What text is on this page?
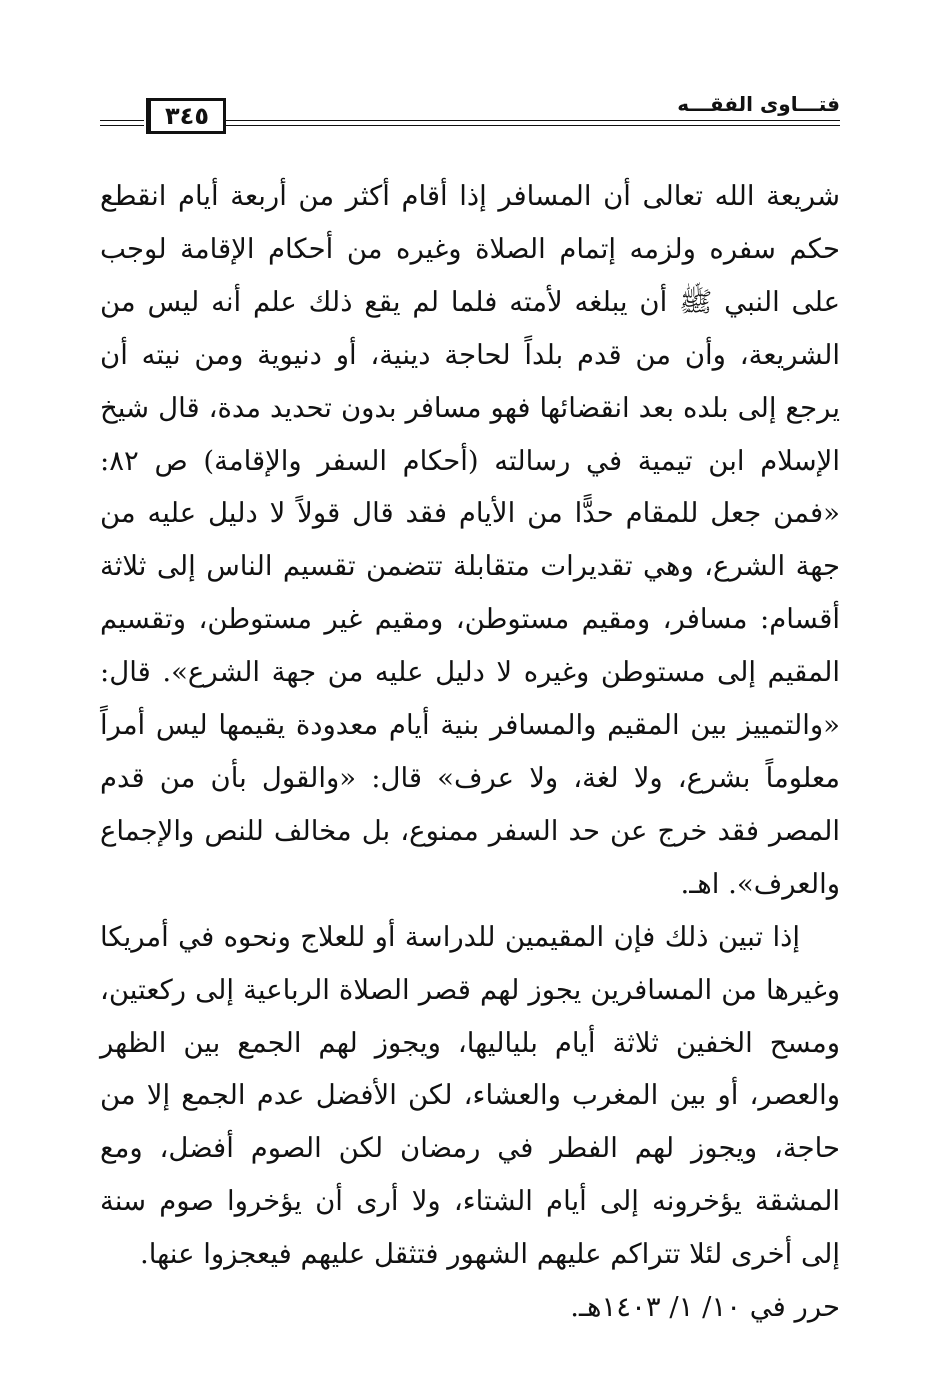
فتـــاوى الفقـــه
٣٤٥

شريعة الله تعالى أن المسافر إذا أقام أكثر من أربعة أيام انقطع حكم سفره ولزمه إتمام الصلاة وغيره من أحكام الإقامة لوجب على النبي ﷺ أن يبلغه لأمته فلما لم يقع ذلك علم أنه ليس من الشريعة، وأن من قدم بلداً لحاجة دينية، أو دنيوية ومن نيته أن يرجع إلى بلده بعد انقضائها فهو مسافر بدون تحديد مدة، قال شيخ الإسلام ابن تيمية في رسالته (أحكام السفر والإقامة) ص ٨٢: «فمن جعل للمقام حدًّا من الأيام فقد قال قولاً لا دليل عليه من جهة الشرع، وهي تقديرات متقابلة تتضمن تقسيم الناس إلى ثلاثة أقسام: مسافر، ومقيم مستوطن، ومقيم غير مستوطن، وتقسيم المقيم إلى مستوطن وغيره لا دليل عليه من جهة الشرع». قال: «والتمييز بين المقيم والمسافر بنية أيام معدودة يقيمها ليس أمراً معلوماً بشرع، ولا لغة، ولا عرف» قال: «والقول بأن من قدم المصر فقد خرج عن حد السفر ممنوع، بل مخالف للنص والإجماع والعرف». اهـ.

إذا تبين ذلك فإن المقيمين للدراسة أو للعلاج ونحوه في أمريكا وغيرها من المسافرين يجوز لهم قصر الصلاة الرباعية إلى ركعتين، ومسح الخفين ثلاثة أيام بلياليها، ويجوز لهم الجمع بين الظهر والعصر، أو بين المغرب والعشاء، لكن الأفضل عدم الجمع إلا من حاجة، ويجوز لهم الفطر في رمضان لكن الصوم أفضل، ومع المشقة يؤخرونه إلى أيام الشتاء، ولا أرى أن يؤخروا صوم سنة إلى أخرى لئلا تتراكم عليهم الشهور فتثقل عليهم فيعجزوا عنها.

حرر في ١٠/ ١/ ١٤٠٣هـ.
